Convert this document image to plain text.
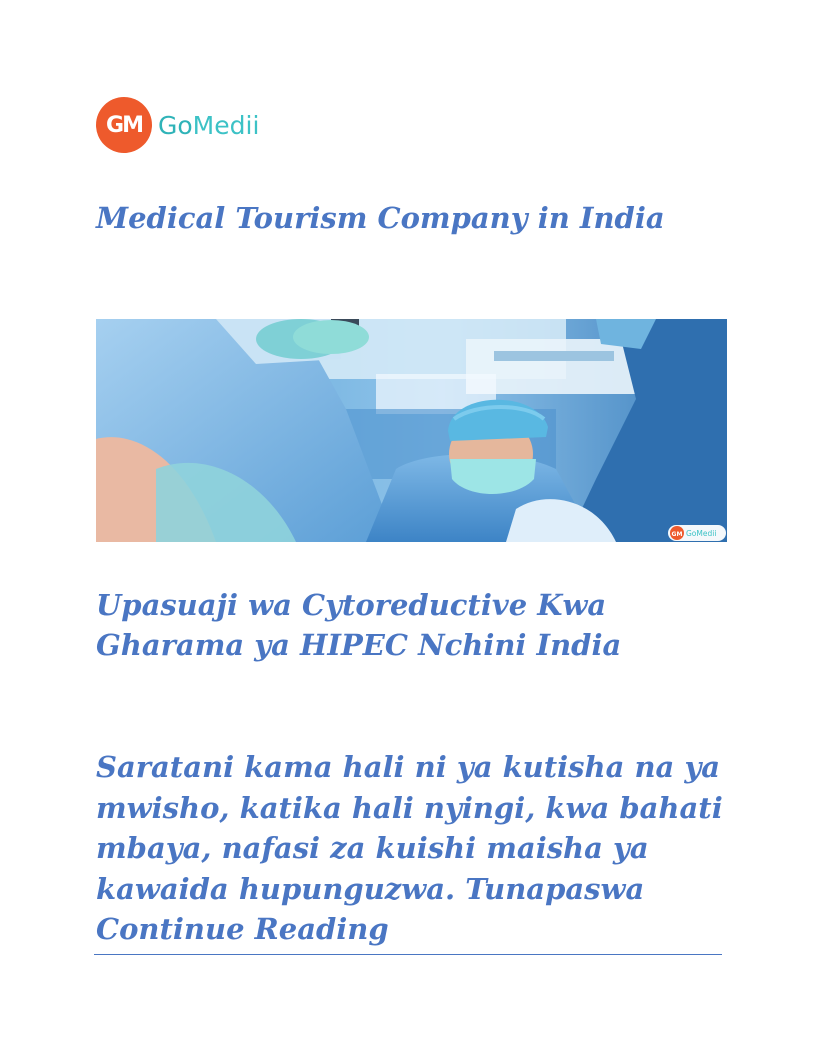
GM GoMedii
Medical Tourism Company in India
GM GoMedii
Upasuaji wa Cytoreductive Kwa Gharama ya HIPEC Nchini India
Saratani kama hali ni ya kutisha na ya mwisho, katika hali nyingi, kwa bahati mbaya, nafasi za kuishi maisha ya kawaida hupunguzwa. Tunapaswa
Continue Reading
